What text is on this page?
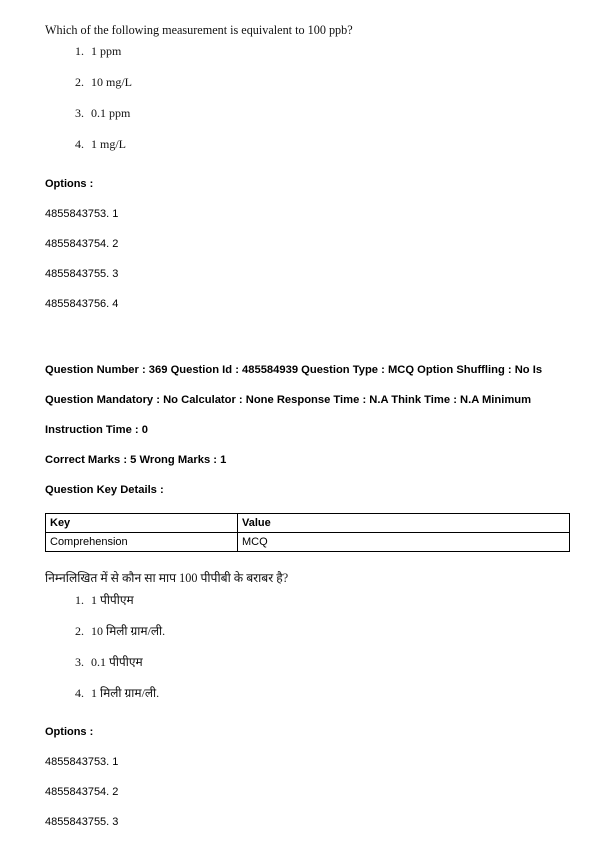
Which of the following measurement is equivalent to 100 ppb?

1. 1 ppm
2. 10 mg/L
3. 0.1 ppm
4. 1 mg/L

Options :

4855843753. 1
4855843754. 2
4855843755. 3
4855843756. 4

Question Number : 369 Question Id : 485584939 Question Type : MCQ Option Shuffling : No Is

Question Mandatory : No Calculator : None Response Time : N.A Think Time : N.A Minimum

Instruction Time : 0

Correct Marks : 5 Wrong Marks : 1

Question Key Details :

Key	Value
Comprehension	MCQ

निम्नलिखित में से कौन सा माप 100 पीपीबी के बराबर है?

1. 1 पीपीएम
2. 10 मिली ग्राम/ली.
3. 0.1 पीपीएम
4. 1 मिली ग्राम/ली.

Options :

4855843753. 1
4855843754. 2
4855843755. 3
